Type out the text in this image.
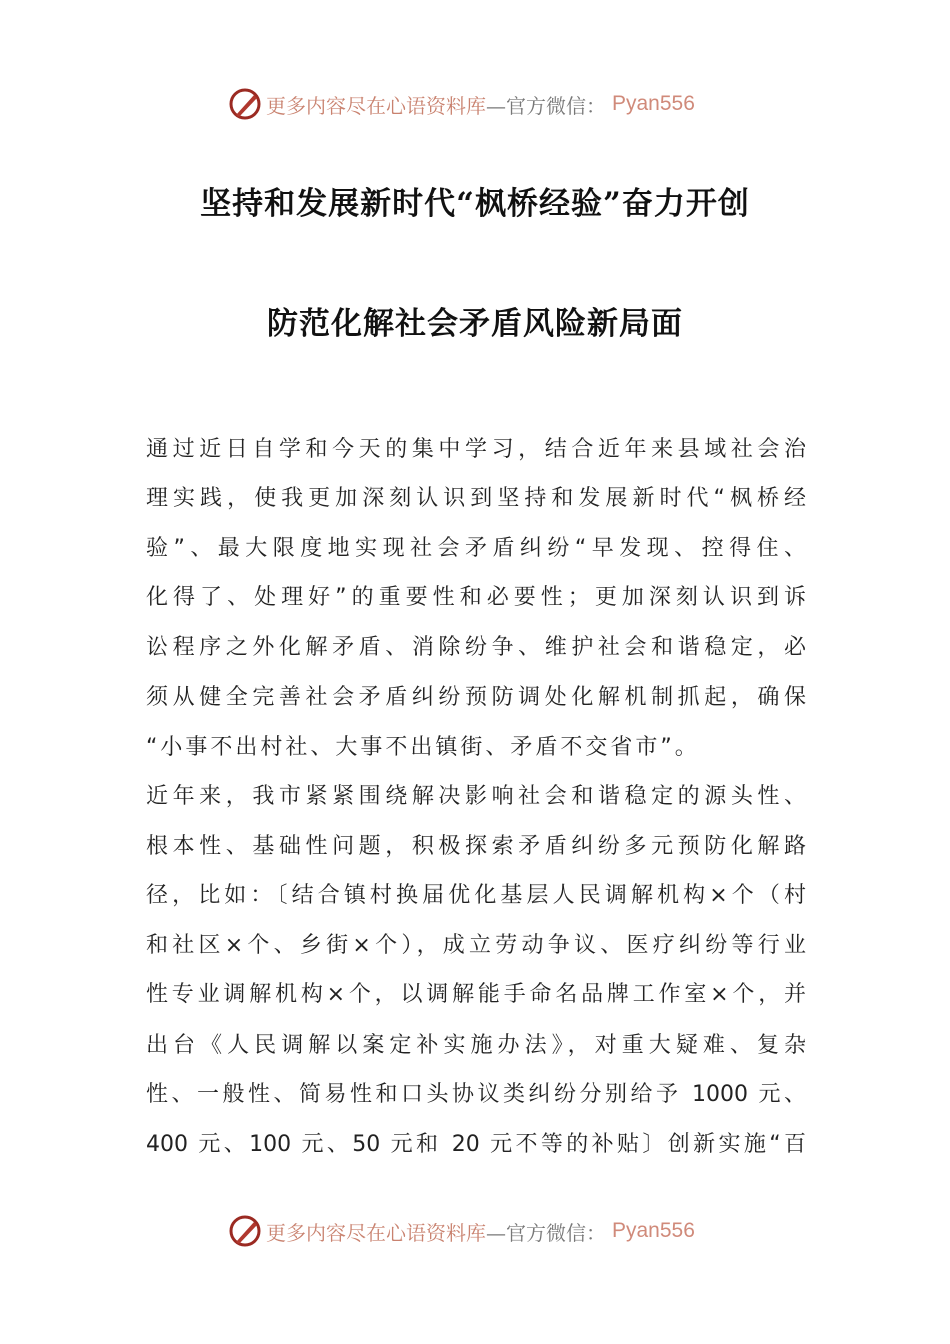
更多内容尽在心语资料库 —官方微信： Pyan556
坚持和发展新时代“枫桥经验”奋力开创
防范化解社会矛盾风险新局面
通过近日自学和今天的集中学习，结合近年来县域社会治
理实践，使我更加深刻认识到坚持和发展新时代“枫桥经
验”、最大限度地实现社会矛盾纠纷“早发现、控得住、
化得了、处理好”的重要性和必要性；更加深刻认识到诉
讼程序之外化解矛盾、消除纷争、维护社会和谐稳定，必
须从健全完善社会矛盾纠纷预防调处化解机制抓起，确保
“小事不出村社、大事不出镇街、矛盾不交省市”。
近年来，我市紧紧围绕解决影响社会和谐稳定的源头性、
根本性、基础性问题，积极探索矛盾纠纷多元预防化解路
径，比如：〔结合镇村换届优化基层人民调解机构×个（村
和社区×个、乡街×个），成立劳动争议、医疗纠纷等行业
性专业调解机构×个，以调解能手命名品牌工作室×个，并
出台《人民调解以案定补实施办法》，对重大疑难、复杂
性、一般性、简易性和口头协议类纠纷分别给予 1000 元、
400 元、100 元、50 元和 20 元不等的补贴〕创新实施“百
更多内容尽在心语资料库 —官方微信： Pyan556
